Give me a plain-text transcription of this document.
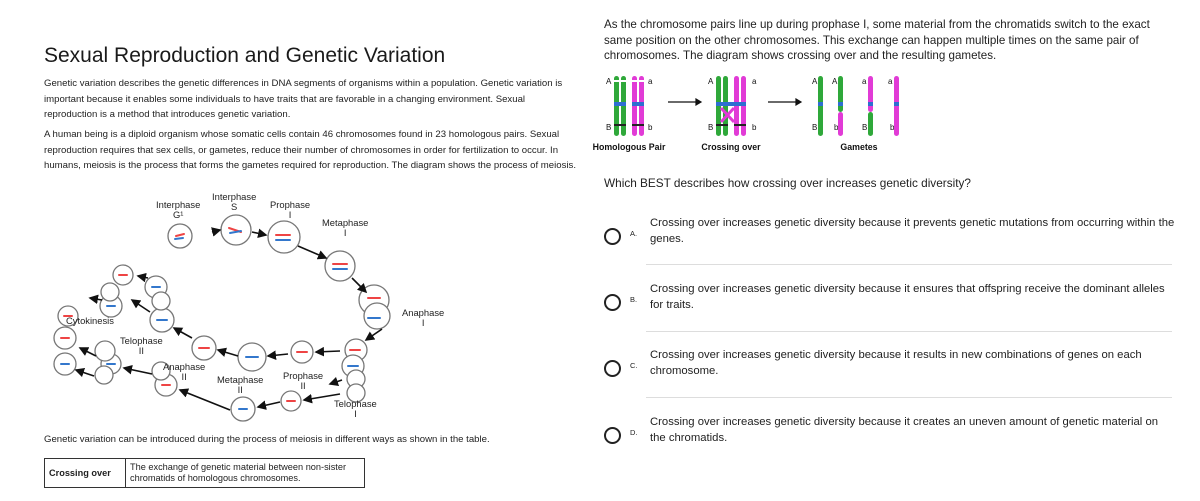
Sexual Reproduction and Genetic Variation
Genetic variation describes the genetic differences in DNA segments of organisms within a population. Genetic variation is important because it enables some individuals to have traits that are favorable in a changing environment. Sexual reproduction is a method that introduces genetic variation.
A human being is a diploid organism whose somatic cells contain 46 chromosomes found in 23 homologous pairs. Sexual reproduction requires that sex cells, or gametes, reduce their number of chromosomes in order for fertilization to occur. In humans, meiosis is the process that forms the gametes required for reproduction. The diagram shows the process of meiosis.
Interphase
G¹
Interphase
S	Prophase
I
Metaphase
I
Anaphase
I
Telophase
I
Prophase
II
Metaphase
II
Anaphase
II
Telophase
II
Cytokinesis
Genetic variation can be introduced during the process of meiosis in different ways as shown in the table.
Crossing over	The exchange of genetic material between non-sister chromatids of homologous chromosomes.
As the chromosome pairs line up during prophase I, some material from the chromatids switch to the exact same position on the other chromosomes. This exchange can happen multiple times on the same pair of chromosomes. The diagram shows crossing over and the resulting gametes.
A	a
B	b
A	a
B	b
A A	a	a
B b	B	b
Homologous Pair	Crossing over	Gametes
Which BEST describes how crossing over increases genetic diversity?
A.
Crossing over increases genetic diversity because it prevents genetic mutations from occurring within the genes.
B.
Crossing over increases genetic diversity because it ensures that offspring receive the dominant alleles for traits.
C.
Crossing over increases genetic diversity because it results in new combinations of genes on each chromosome.
D.
Crossing over increases genetic diversity because it creates an uneven amount of genetic material on the chromatids.
